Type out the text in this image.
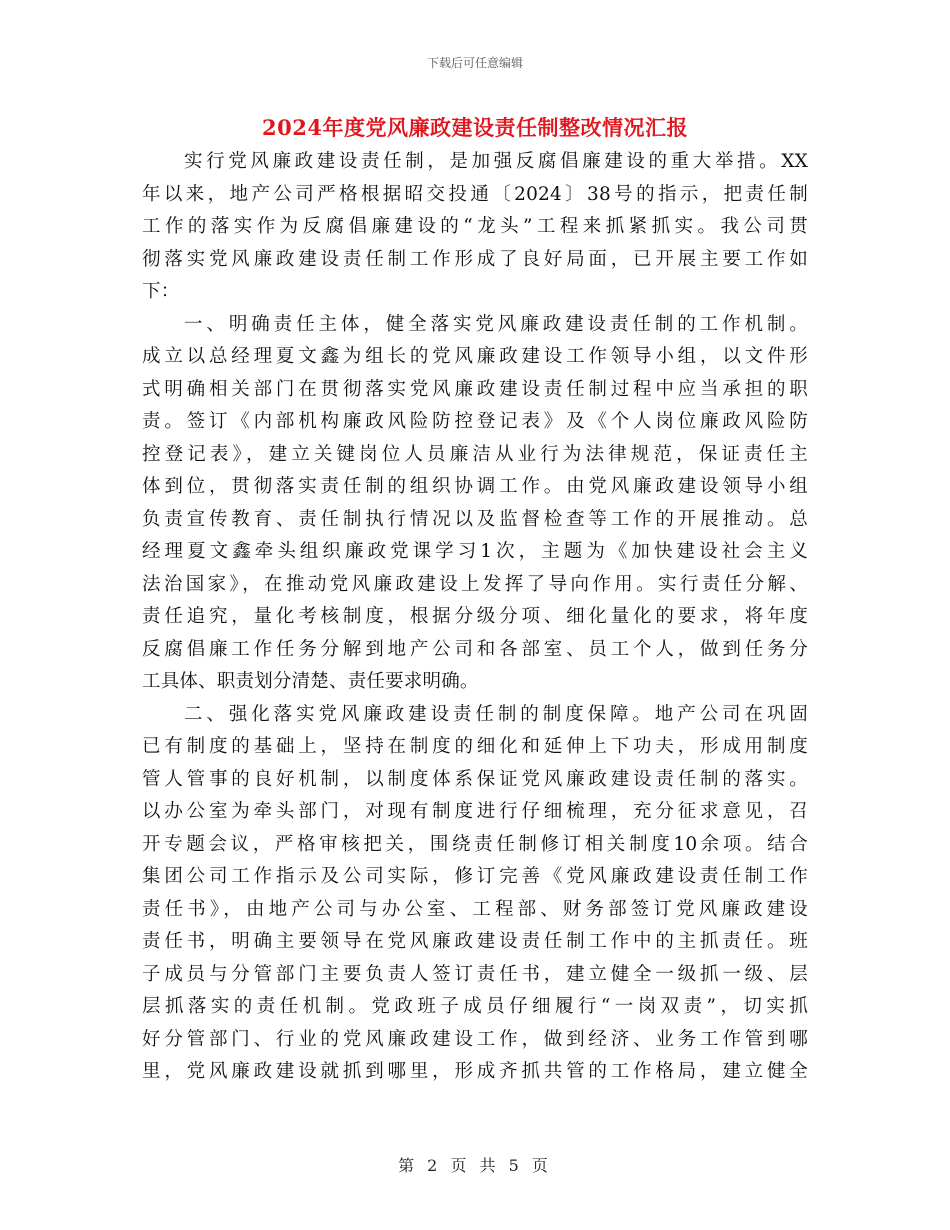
下载后可任意编辑
2024年度党风廉政建设责任制整改情况汇报
实行党风廉政建设责任制，是加强反腐倡廉建设的重大举措。XX
年以来，地产公司严格根据昭交投通〔2024〕38号的指示，把责任制
工作的落实作为反腐倡廉建设的“龙头”工程来抓紧抓实。我公司贯
彻落实党风廉政建设责任制工作形成了良好局面，已开展主要工作如
下：
一、明确责任主体，健全落实党风廉政建设责任制的工作机制。
成立以总经理夏文鑫为组长的党风廉政建设工作领导小组，以文件形
式明确相关部门在贯彻落实党风廉政建设责任制过程中应当承担的职
责。签订《内部机构廉政风险防控登记表》及《个人岗位廉政风险防
控登记表》，建立关键岗位人员廉洁从业行为法律规范，保证责任主
体到位，贯彻落实责任制的组织协调工作。由党风廉政建设领导小组
负责宣传教育、责任制执行情况以及监督检查等工作的开展推动。总
经理夏文鑫牵头组织廉政党课学习1次，主题为《加快建设社会主义
法治国家》，在推动党风廉政建设上发挥了导向作用。实行责任分解、
责任追究，量化考核制度，根据分级分项、细化量化的要求，将年度
反腐倡廉工作任务分解到地产公司和各部室、员工个人，做到任务分
工具体、职责划分清楚、责任要求明确。
二、强化落实党风廉政建设责任制的制度保障。地产公司在巩固
已有制度的基础上，坚持在制度的细化和延伸上下功夫，形成用制度
管人管事的良好机制，以制度体系保证党风廉政建设责任制的落实。
以办公室为牵头部门，对现有制度进行仔细梳理，充分征求意见，召
开专题会议，严格审核把关，围绕责任制修订相关制度10余项。结合
集团公司工作指示及公司实际，修订完善《党风廉政建设责任制工作
责任书》，由地产公司与办公室、工程部、财务部签订党风廉政建设
责任书，明确主要领导在党风廉政建设责任制工作中的主抓责任。班
子成员与分管部门主要负责人签订责任书，建立健全一级抓一级、层
层抓落实的责任机制。党政班子成员仔细履行“一岗双责”，切实抓
好分管部门、行业的党风廉政建设工作，做到经济、业务工作管到哪
里，党风廉政建设就抓到哪里，形成齐抓共管的工作格局，建立健全
第 2 页 共 5 页
